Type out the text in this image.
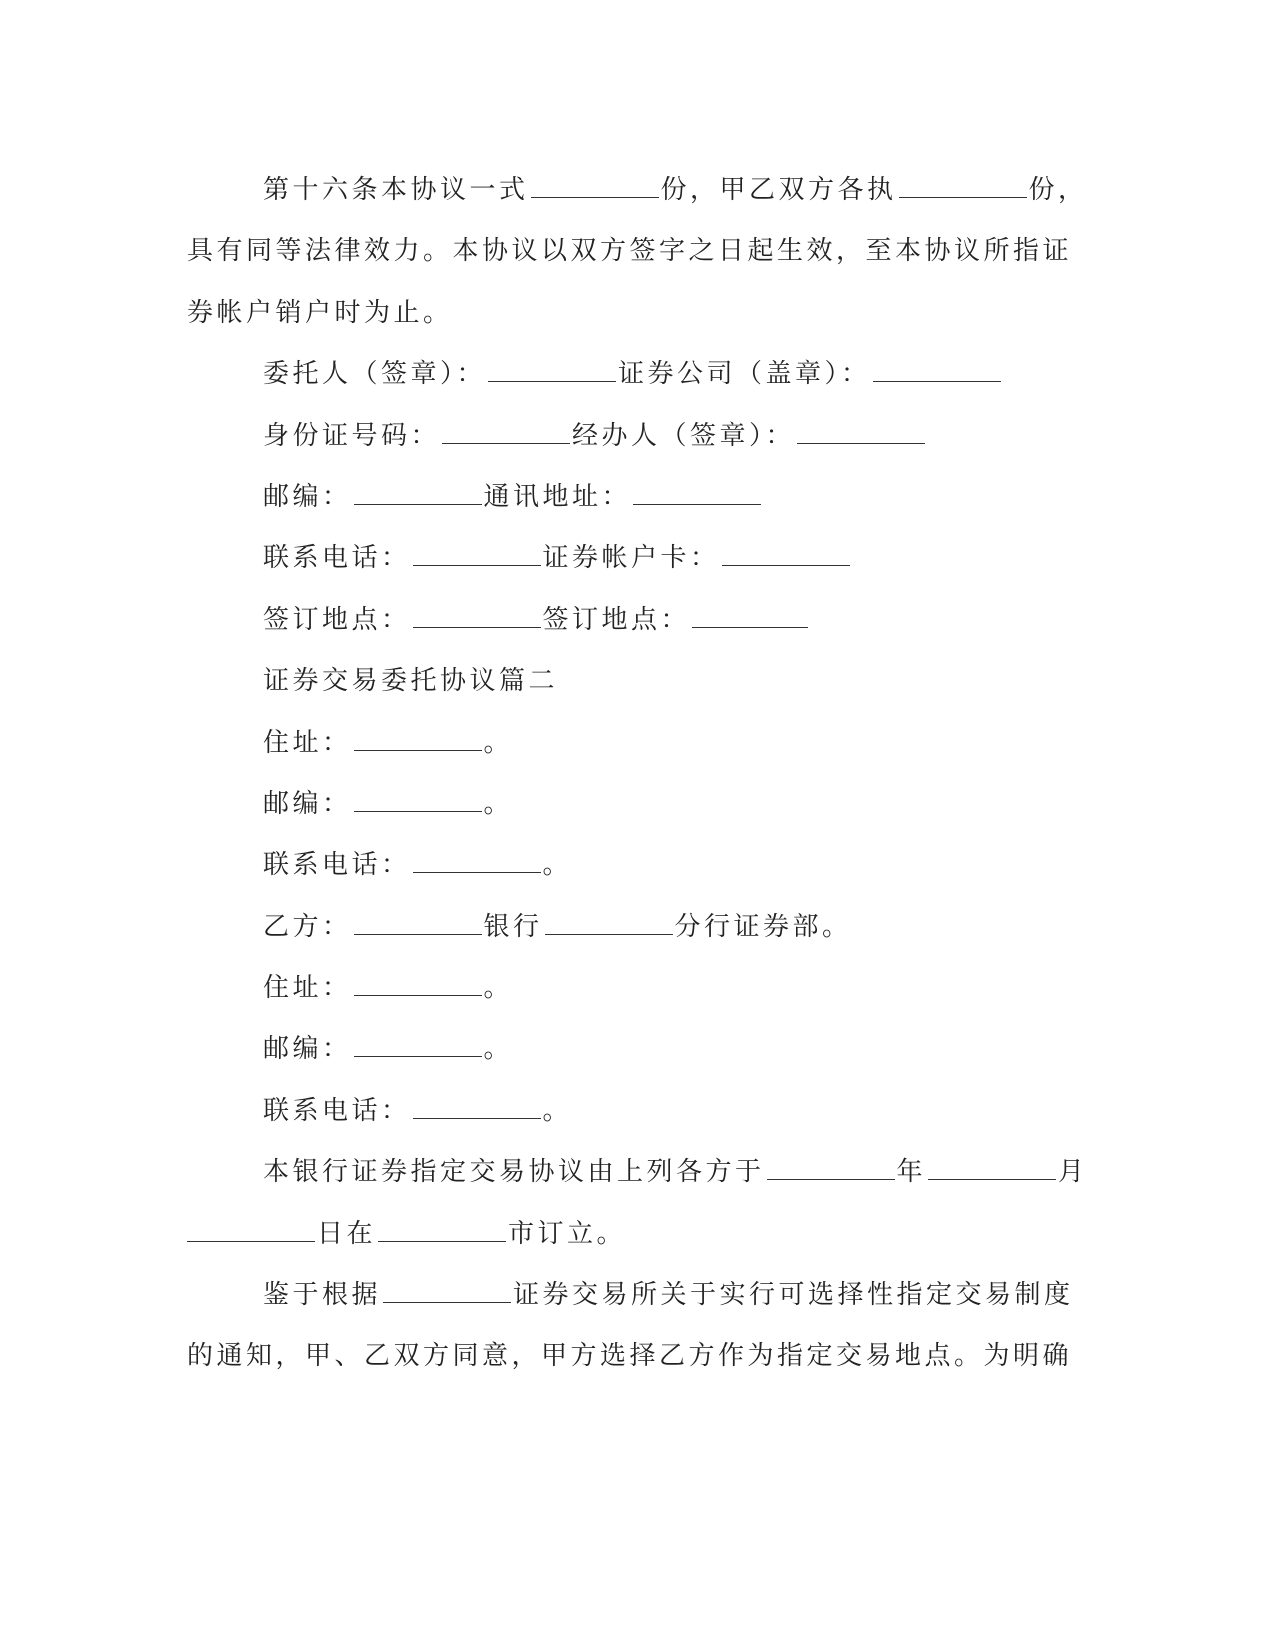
第十六条本协议一式	份，甲乙双方各执	份，
具有同等法律效力。本协议以双方签字之日起生效，至本协议所指证
券帐户销户时为止。
委托人（签章）：	证券公司（盖章）：
身份证号码：	经办人（签章）：
邮编：	通讯地址：
联系电话：	证券帐户卡：
签订地点：	签订地点：
证券交易委托协议篇二
住址：	。
邮编：	。
联系电话：	。
乙方：	银行	分行证券部。
住址：	。
邮编：	。
联系电话：	。
本银行证券指定交易协议由上列各方于	年	月
日在	市订立。
鉴于根据	证券交易所关于实行可选择性指定交易制度
的通知，甲、乙双方同意，甲方选择乙方作为指定交易地点。为明确
